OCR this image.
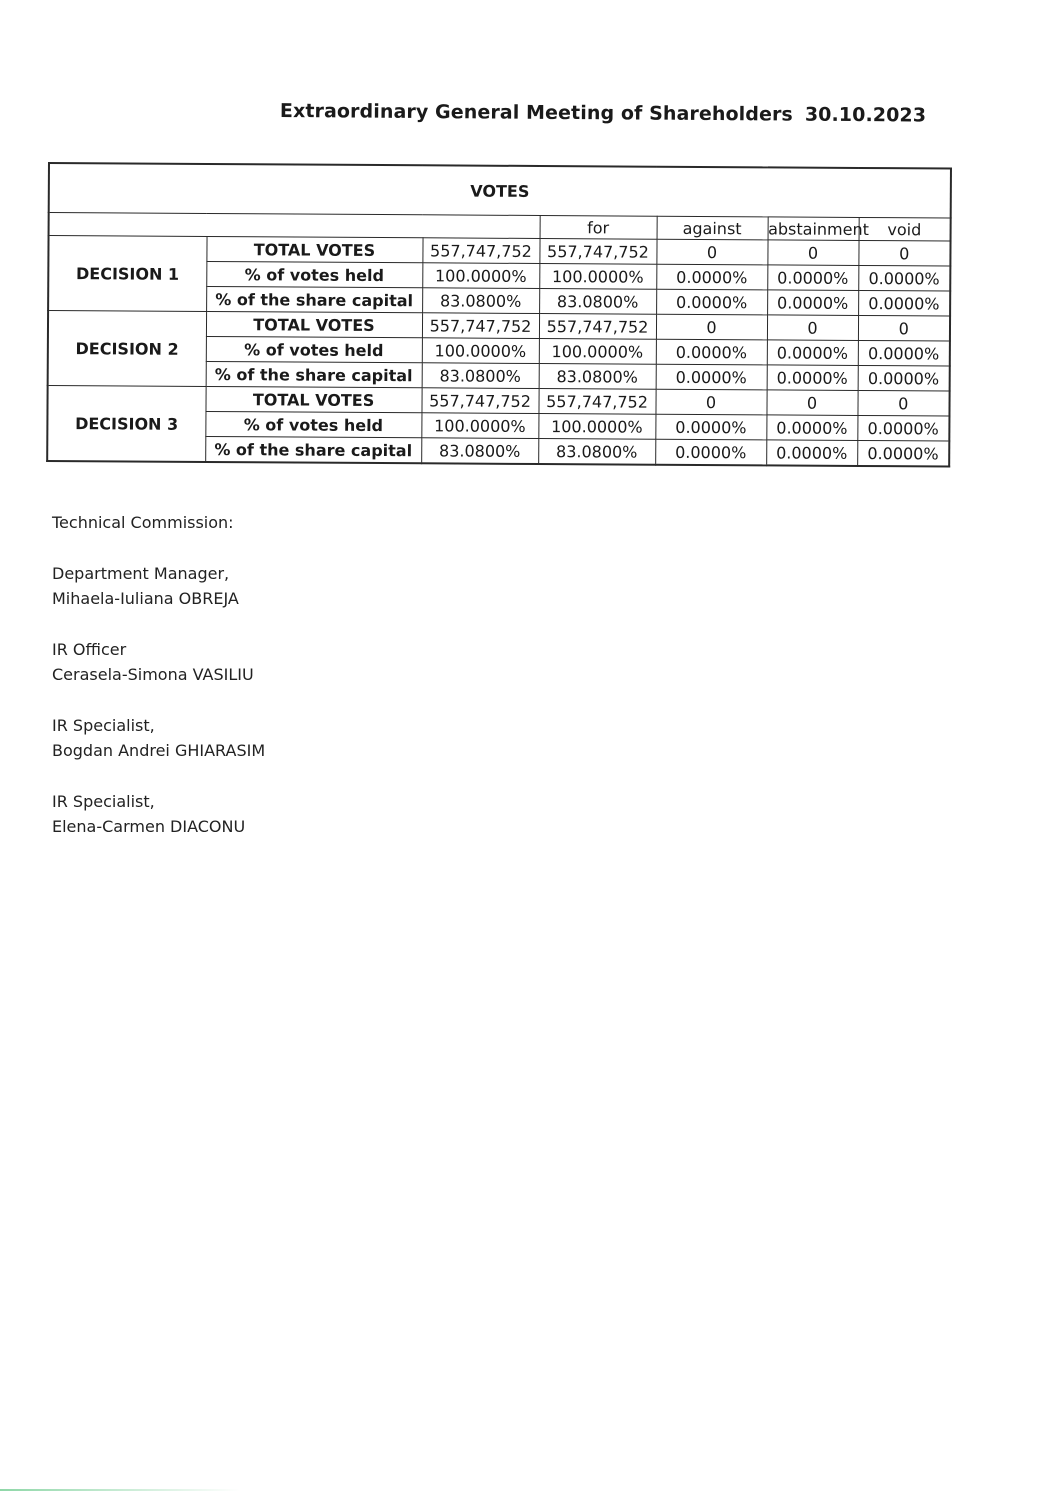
Extraordinary General Meeting of Shareholders 30.10.2023
VOTES						
			for	against	abstainment	void
DECISION 1	TOTAL VOTES	557,747,752	557,747,752	0	0	0
	% of votes held	100.0000%	100.0000%	0.0000%	0.0000%	0.0000%
	% of the share capital	83.0800%	83.0800%	0.0000%	0.0000%	0.0000%
DECISION 2	TOTAL VOTES	557,747,752	557,747,752	0	0	0
	% of votes held	100.0000%	100.0000%	0.0000%	0.0000%	0.0000%
	% of the share capital	83.0800%	83.0800%	0.0000%	0.0000%	0.0000%
DECISION 3	TOTAL VOTES	557,747,752	557,747,752	0	0	0
	% of votes held	100.0000%	100.0000%	0.0000%	0.0000%	0.0000%
	% of the share capital	83.0800%	83.0800%	0.0000%	0.0000%	0.0000%
Technical Commission:
Department Manager,
Mihaela-Iuliana OBREJA
IR Officer
Cerasela-Simona VASILIU
IR Specialist,
Bogdan Andrei GHIARASIM
IR Specialist,
Elena-Carmen DIACONU
